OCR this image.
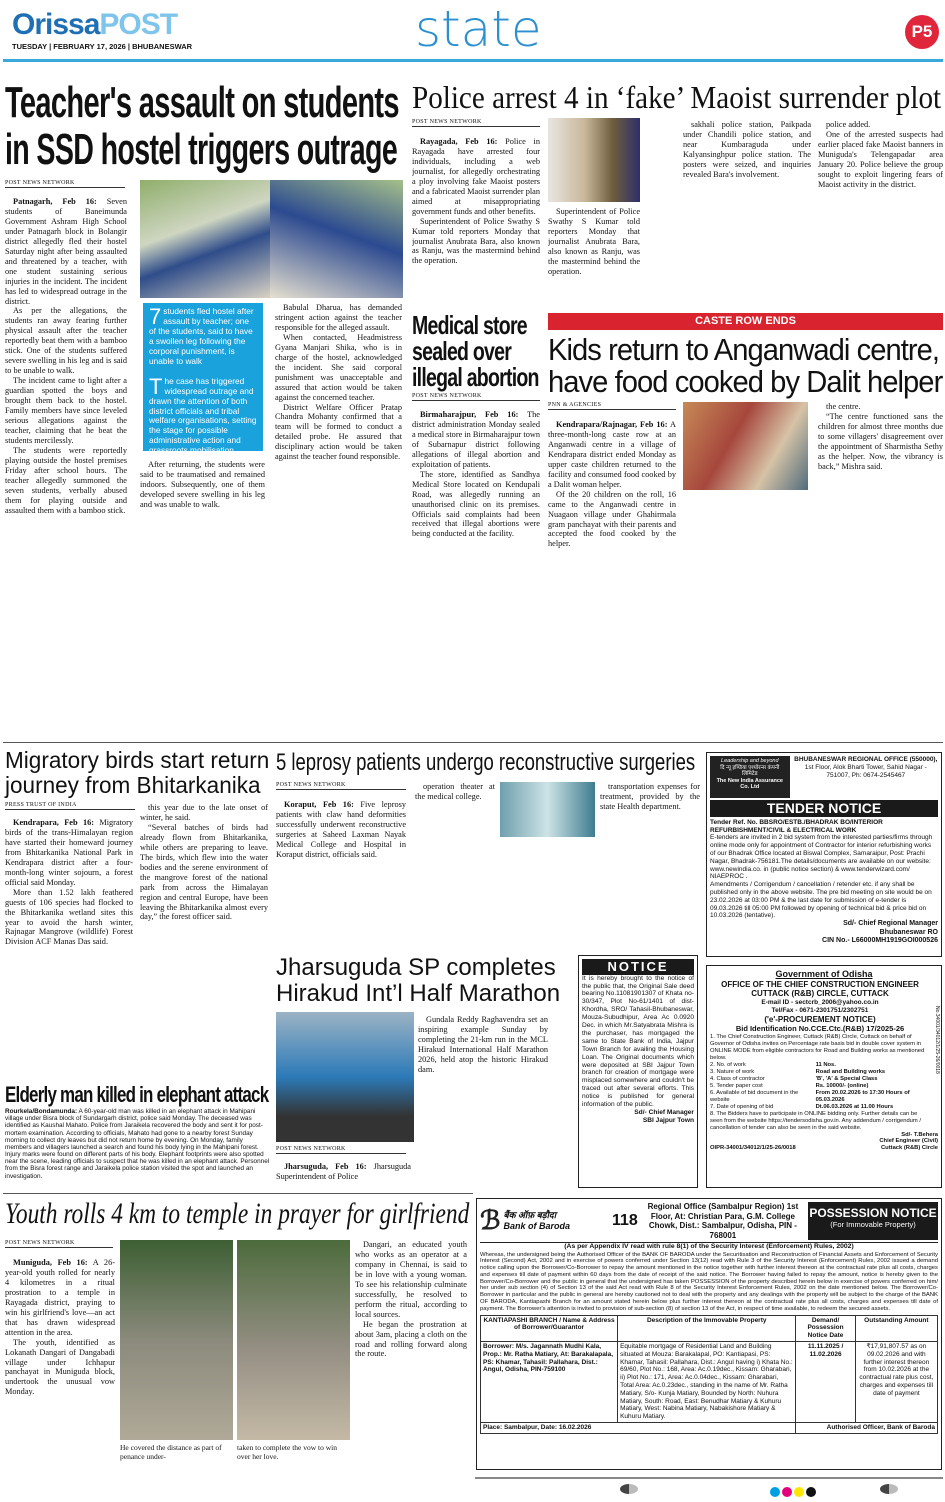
OrissaPOST
TUESDAY | FEBRUARY 17, 2026 | BHUBANESWAR	state	P5
Teacher's assault on students
in SSD hostel triggers outrage
POST NEWS NETWORK

Patnagarh, Feb 16: Seven students of Baneimunda Government Ashram High School under Patnagarh block in Bolangir district allegedly fled their hostel Saturday night after being assaulted and threatened by a teacher, with one student sustaining serious injuries in the incident. The incident has led to widespread outrage in the district.

As per the allegations, the students ran away fearing further physical assault after the teacher reportedly beat them with a bamboo stick. One of the students suffered severe swelling in his leg and is said to be unable to walk.

The incident came to light after a guardian spotted the boys and brought them back to the hostel. Family members have since leveled serious allegations against the teacher, claiming that he beat the students mercilessly.

The students were reportedly playing outside the hostel premises Friday after school hours. The teacher allegedly summoned the seven students, verbally abused them for playing outside and assaulted them with a bamboo stick.

7 students fled hostel after assault by teacher; one of the students, said to have a swollen leg following the corporal punishment, is unable to walk

T he case has triggered widespread outrage and drawn the attention of both district officials and tribal welfare organisations, setting the stage for possible administrative action and grassroots mobilisation

After returning, the students were said to be traumatised and remained indoors. Subsequently, one of them developed severe swelling in his leg and was unable to walk.

Babulal Dharua, has demanded stringent action against the teacher responsible for the alleged assault.

When contacted, Headmistress Gyana Manjari Shika, who is in charge of the hostel, acknowledged the incident. She said corporal punishment was unacceptable and assured that action would be taken against the concerned teacher.

District Welfare Officer Pratap Chandra Mohanty confirmed that a team will be formed to conduct a detailed probe. He assured that disciplinary action would be taken against the teacher found responsible.

Police arrest 4 in ‘fake’ Maoist surrender plot
POST NEWS NETWORK

Rayagada, Feb 16: Police in Rayagada have arrested four individuals, including a web journalist, for allegedly orchestrating a ploy involving fake Maoist posters and a fabricated Maoist surrender plan aimed at misappropriating government funds and other benefits.

Superintendent of Police Swathy S Kumar told reporters Monday that journalist Anubrata Bara, also known as Ranju, was the mastermind behind the operation.

Superintendent of Police Swathy S Kumar told reporters Monday that journalist Anubrata Bara, also known as Ranju, was the mastermind behind the operation.

sakhali police station, Paikpada under Chandili police station, and near Kumbaraguda under Kalyansinghpur police station. The posters were seized, and inquiries revealed Bara's involvement.

police added.

One of the arrested suspects had earlier placed fake Maoist banners in Muniguda's Telengapadar area January 20. Police believe the group sought to exploit lingering fears of Maoist activity in the district.

Medical store sealed over illegal abortion
POST NEWS NETWORK

Birmaharajpur, Feb 16: The district administration Monday sealed a medical store in Birmaharajpur town of Subarnapur district following allegations of illegal abortion and exploitation of patients.

The store, identified as Sandhya Medical Store located on Kendupali Road, was allegedly running an unauthorised clinic on its premises. Officials said complaints had been received that illegal abortions were being conducted at the facility.

CASTE ROW ENDS
Kids return to Anganwadi centre, have food cooked by Dalit helper
PNN & AGENCIES

Kendrapara/Rajnagar, Feb 16: A three-month-long caste row at an Anganwadi centre in a village of Kendrapara district ended Monday as upper caste children returned to the facility and consumed food cooked by a Dalit woman helper.

Of the 20 children on the roll, 16 came to the Anganwadi centre in Nuagaon village under Ghahirmala gram panchayat with their parents and accepted the food cooked by the helper.

the centre.

“The centre functioned sans the children for almost three months due to some villagers' disagreement over the appointment of Sharmistha Sethy as the helper. Now, the vibrancy is back,” Mishra said.

Migratory birds start return journey from Bhitarkanika
PRESS TRUST OF INDIA

Kendrapara, Feb 16: Migratory birds of the trans-Himalayan region have started their homeward journey from Bhitarkanika National Park in Kendrapara district after a four-month-long winter sojourn, a forest official said Monday.

More than 1.52 lakh feathered guests of 106 species had flocked to the Bhitarkanika wetland sites this year to avoid the harsh winter, Rajnagar Mangrove (wildlife) Forest Division ACF Manas Das said.

this year due to the late onset of winter, he said.

“Several batches of birds had already flown from Bhitarkanika, while others are preparing to leave. The birds, which flew into the water bodies and the serene environment of the mangrove forest of the national park from across the Himalayan region and central Europe, have been leaving the Bhitarkanika almost every day,” the forest officer said.

5 leprosy patients undergo reconstructive surgeries
POST NEWS NETWORK

Koraput, Feb 16: Five leprosy patients with claw hand deformities successfully underwent reconstructive surgeries at Saheed Laxman Nayak Medical College and Hospital in Koraput district, officials said.

operation theater at the medical college.

transportation expenses for treatment, provided by the state Health department.

Leadership and beyond
दि न्यू इण्डिया एश्योरन्स कंपनी लिमिटेड
The New India Assurance Co. Ltd
BHUBANESWAR REGIONAL OFFICE (550000),
1st Floor, Alok Bharti Tower, Sahid Nagar - 751007, Ph: 0674-2545467
TENDER NOTICE
Tender Ref. No. BBSRO/ESTB./BHADRAK BO/INTERIOR REFURBISHMENT/CIVIL & ELECTRICAL WORK
E-tenders are invited in 2 bid system from the interested parties/firms through online mode only for appointment of Contractor for interior refurbishing works of our Bhadrak Office located at Biswal Complex, Samaraipur, Post: Prachi Nagar, Bhadrak-756181.The details/documents are available on our website: www.newindia.co. in (public notice section) & www.tenderwizard.com/ NIAEPROC .
Amendments / Corrigendum / cancellation / retender etc. if any shall be published only in the above website. The pre bid meeting on site would be on 23.02.2026 at 03:00 PM & the last date for submission of e-tender is 09.03.2026 till 05:00 PM followed by opening of technical bid & price bid on 10.03.2026 (tentative).
Sd/- Chief Regional Manager
Bhubaneswar RO
CIN No.- L66000MH1919GOI000526
Jharsuguda SP completes Hirakud Int’l Half Marathon
POST NEWS NETWORK

Jharsuguda, Feb 16: Jharsuguda Superintendent of Police

Gundala Reddy Raghavendra set an inspiring example Sunday by completing the 21-km run in the MCL Hirakud International Half Marathon 2026, held atop the historic Hirakud dam.

NOTICE
It is hereby brought to the notice of the public that, the Original Sale deed bearing No.11081901307 of Khata no-30/347, Plot No-61/1401 of dist-Khordha, SRO/ Tahasil-Bhubaneswar, Mouza-Subudhipur, Area Ac 0.0920 Dec. in which Mr.Satyabrata Mishra is the purchaser, has mortgaged the same to State Bank of India, Jajpur Town Branch for availing the Housing Loan. The Original documents which were deposited at SBI Jajpur Town branch for creation of mortgage were misplaced somewhere and couldn't be traced out after several efforts. This notice is published for general information of the public.
Sd/- Chief Manager
SBI Jajpur Town
Government of Odisha
OFFICE OF THE CHIEF CONSTRUCTION ENGINEER
CUTTACK (R&B) CIRCLE, CUTTACK
E-mail ID - sectcrb_2006@yahoo.co.in
Tel/Fax - 0671-2301751/2302751
('e'-PROCUREMENT NOTICE)
Bid Identification No.CCE.Ctc.(R&B) 17/2025-26	No.34001/34012/1/25-26/0018
1. The Chief Construction Engineer, Cuttack (R&B) Circle, Cuttack on behalf of Governor of Odisha invites on Percentage rate basis bid in double cover system in ONLINE MODE from eligible contractors for Road and Building works as mentioned below.
2. No. of work	11 Nos.
3. Nature of work	Road and Building works
4. Class of contractor	'B', 'A' & Special Class
5. Tender paper cost	Rs. 10000/- (online)
6. Available of bid document in the website
From 20.02.2026 to 17:30 Hours of 05.03.2026
7. Date of opening of bid	Dt.06.03.2026 at 11.00 Hours
8. The Bidders have to participate in ONLINE bidding only. Further details can be seen from the website https://tendersodisha.gov.in. Any addendum / corrigendum / cancellation of tender can also be seen in the said website.
OIPR-34001/34012/1/25-26/0018
Sd/- T.Behera
Chief Engineer (Civil)
Cuttack (R&B) Circle
Elderly man killed in elephant attack
Rourkela/Bondamunda: A 60-year-old man was killed in an elephant attack in Mahipani village under Bisra block of Sundargarh district, police said Monday. The deceased was identified as Kaushal Mahato. Police from Jaraikela recovered the body and sent it for post-mortem examination. According to officials, Mahato had gone to a nearby forest Sunday morning to collect dry leaves but did not return home by evening. On Monday, family members and villagers launched a search and found his body lying in the Mahipani forest. Injury marks were found on different parts of his body. Elephant footprints were also spotted near the scene, leading officials to suspect that he was killed in an elephant attack. Personnel from the Bisra forest range and Jaraikela police station visited the spot and launched an investigation.
Youth rolls 4 km to temple in prayer for girlfriend
POST NEWS NETWORK

Muniguda, Feb 16: A 26-year-old youth rolled for nearly 4 kilometres in a ritual prostration to a temple in Rayagada district, praying to win his girlfriend's love—an act that has drawn widespread attention in the area.

The youth, identified as Lokanath Dangari of Dangabadi village under Ichhapur panchayat in Muniguda block, undertook the unusual vow Monday.

He covered the distance as part of penance under-
taken to complete the vow to win over her love.

Dangari, an educated youth who works as an operator at a company in Chennai, is said to be in love with a young woman. To see his relationship culminate successfully, he resolved to perform the ritual, according to local sources.

He began the prostration at about 3am, placing a cloth on the road and rolling forward along the route.

ℬ बैंक ऑफ़ बड़ौदा
Bank of Baroda	118
Regional Office (Sambalpur Region) 1st Floor, At: Christian Para, G.M. College Chowk, Dist.: Sambalpur, Odisha, PIN - 768001
POSSESSION NOTICE
(For Immovable Property)
(As per Appendix IV read with rule 8(1) of the Security Interest (Enforcement) Rules, 2002)
Whereas, the undersigned being the Authorised Officer of the BANK OF BARODA under the Securitisation and Reconstruction of Financial Assets and Enforcement of Security Interest (Second) Act, 2002 and in exercise of powers conferred under Section 13(12) read with Rule 3 of the Security Interest (Enforcement) Rules, 2002 issued a demand notice calling upon the Borrower/Co-Borrower to repay the amount mentioned in the notice together with further interest thereon at the contractual rate plus all costs, charges and expenses till date of payment within 60 days from the date of receipt of the said notice. The Borrower having failed to repay the amount, notice is hereby given to the Borrower/Co-Borrower and the public in general that the undersigned has taken POSSESSION of the property described herein below in exercise of powers conferred on him/ her under sub section (4) of Section 13 of the said Act read with Rule 8 of the Security Interest Enforcement Rules, 2002 on the date mentioned below. The Borrower/Co-Borrower in particular and the public in general are hereby cautioned not to deal with the property and any dealings with the property will be subject to the charge of the BANK OF BARODA, Kantiapashi Branch for an amount stated herein below plus further interest thereon at the contractual rate plus all costs, charges and expenses till date of payment. The Borrower's attention is invited to provision of sub-section (8) of section 13 of the Act, in respect of time available, to redeem the secured assets.
KANTIAPASHI BRANCH / Name & Address of Borrower/Guarantor	Description of the Immovable Property	Demand/ Possession Notice Date	Outstanding Amount
Borrower: M/s. Jagannath Mudhi Kala, Prop.: Mr. Ratha Matiary, At: Barakalapala, PS: Khamar, Tahasil: Pallahara, Dist.: Angul, Odisha, PIN-759100	Equitable mortgage of Residential Land and Building situated at Mouza: Barakalapal, PO: Kantiapasi, PS: Khamar, Tahasil: Pallahara, Dist.: Angul having i) Khata No.: 69/60, Plot No.: 168, Area: Ac.0.19dec., Kissam: Gharabari, ii) Plot No.: 171, Area: Ac.0.04dec., Kissam: Gharabari, Total Area: Ac.0.23dec., standing in the name of Mr. Ratha Matiary, S/o- Kunja Matiary, Bounded by North: Nuhura Matiary, South: Road, East: Benudhar Matiary & Kuhuru Matiary, West: Nabina Matiary, Nabakishore Matiary & Kuhuru Matiary.	11.11.2025 / 11.02.2026	₹17,91,807.57 as on 09.02.2026 and with further interest thereon from 10.02.2026 at the contractual rate plus cost, charges and expenses till date of payment
Place: Sambalpur, Date: 16.02.2026		Authorised Officer, Bank of Baroda	
